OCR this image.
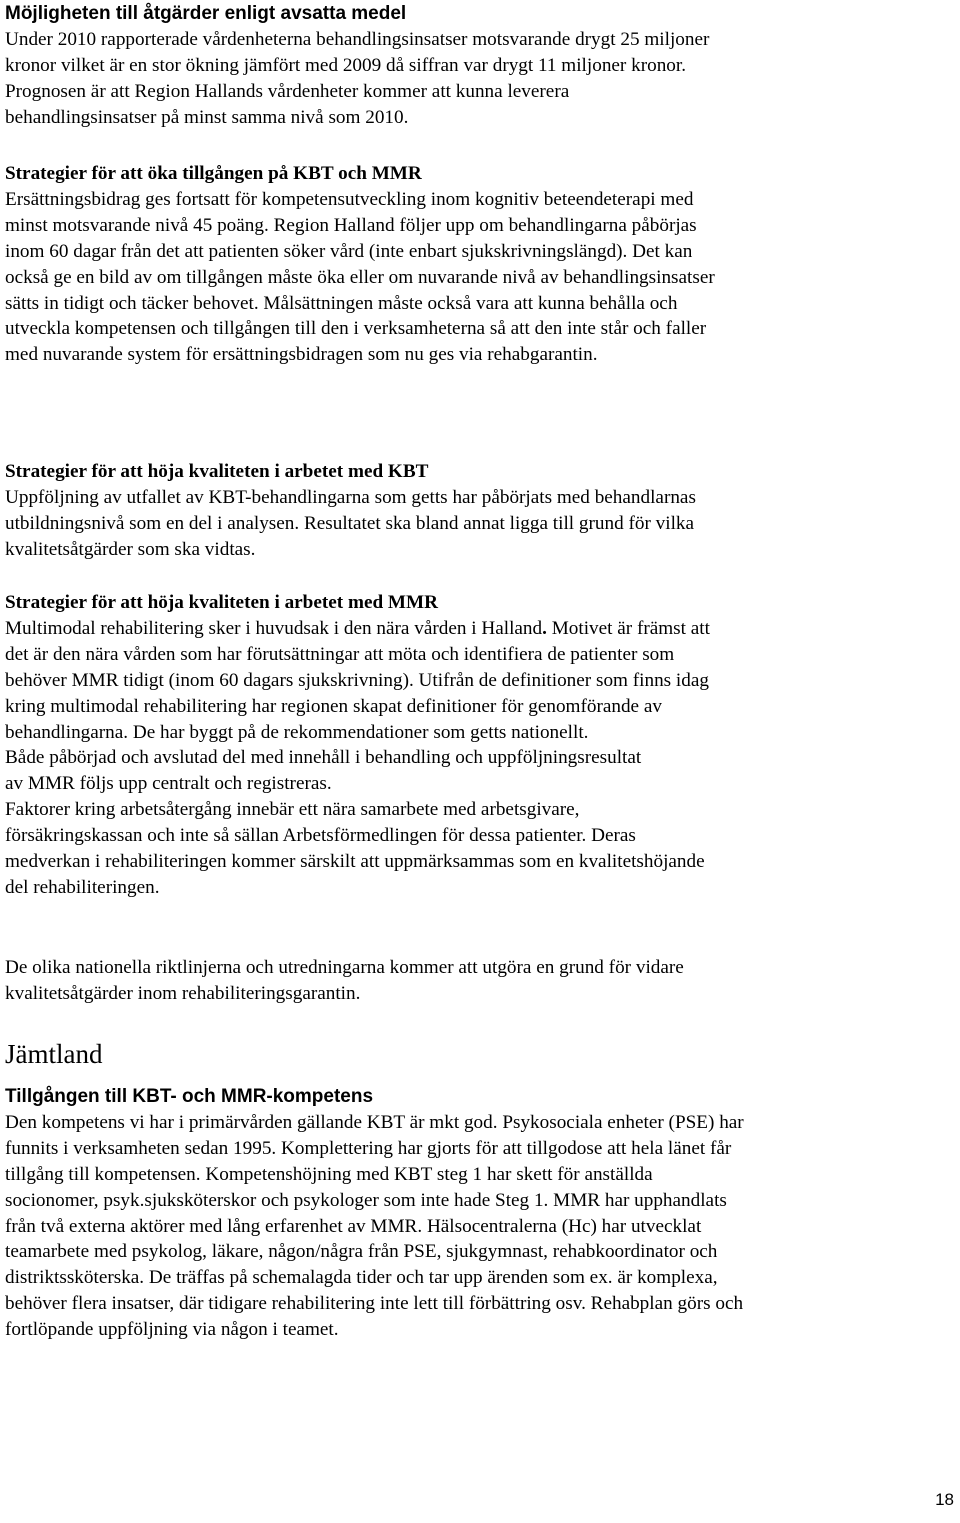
Möjligheten till åtgärder enligt avsatta medel

Under 2010 rapporterade vårdenheterna behandlingsinsatser motsvarande drygt 25 miljoner kronor vilket är en stor ökning jämfört med 2009 då siffran var drygt 11 miljoner kronor. Prognosen är att Region Hallands vårdenheter kommer att kunna leverera behandlingsinsatser på minst samma nivå som 2010.

Strategier för att öka tillgången på KBT och MMR

Ersättningsbidrag ges fortsatt för kompetensutveckling inom kognitiv beteendeterapi med minst motsvarande nivå 45 poäng. Region Halland följer upp om behandlingarna påbörjas inom 60 dagar från det att patienten söker vård (inte enbart sjukskrivningslängd). Det kan också ge en bild av om tillgången måste öka eller om nuvarande nivå av behandlingsinsatser sätts in tidigt och täcker behovet. Målsättningen måste också vara att kunna behålla och utveckla kompetensen och tillgången till den i verksamheterna så att den inte står och faller med nuvarande system för ersättningsbidragen som nu ges via rehabgarantin.

Strategier för att höja kvaliteten i arbetet med KBT

Uppföljning av utfallet av KBT-behandlingarna som getts har påbörjats med behandlarnas utbildningsnivå som en del i analysen. Resultatet ska bland annat ligga till grund för vilka kvalitetsåtgärder som ska vidtas.

Strategier för att höja kvaliteten i arbetet med MMR

Multimodal rehabilitering sker i huvudsak i den nära vården i Halland. Motivet är främst att det är den nära vården som har förutsättningar att möta och identifiera de patienter som behöver MMR tidigt (inom 60 dagars sjukskrivning). Utifrån de definitioner som finns idag kring multimodal rehabilitering har regionen skapat definitioner för genomförande av behandlingarna. De har byggt på de rekommendationer som getts nationellt.

Både påbörjad och avslutad del med innehåll i behandling och uppföljningsresultat av MMR följs upp centralt och registreras.

Faktorer kring arbetsåtergång innebär ett nära samarbete med arbetsgivare, försäkringskassan och inte så sällan Arbetsförmedlingen för dessa patienter. Deras medverkan i rehabiliteringen kommer särskilt att uppmärksammas som en kvalitetshöjande del rehabiliteringen.

De olika nationella riktlinjerna och utredningarna kommer att utgöra en grund för vidare kvalitetsåtgärder inom rehabiliteringsgarantin.

Jämtland

Tillgången till KBT- och MMR-kompetens

Den kompetens vi har i primärvården gällande KBT är mkt god. Psykosociala enheter (PSE) har funnits i verksamheten sedan 1995. Komplettering har gjorts för att tillgodose att hela länet får tillgång till kompetensen. Kompetenshöjning med KBT steg 1 har skett för anställda socionomer, psyk.sjuksköterskor och psykologer som inte hade Steg 1. MMR har upphandlats från två externa aktörer med lång erfarenhet av MMR. Hälsocentralerna (Hc) har utvecklat teamarbete med psykolog, läkare, någon/några från PSE, sjukgymnast, rehabkoordinator och distriktssköterska. De träffas på schemalagda tider och tar upp ärenden som ex. är komplexa, behöver flera insatser, där tidigare rehabilitering inte lett till förbättring osv. Rehabplan görs och fortlöpande uppföljning via någon i teamet.

18
